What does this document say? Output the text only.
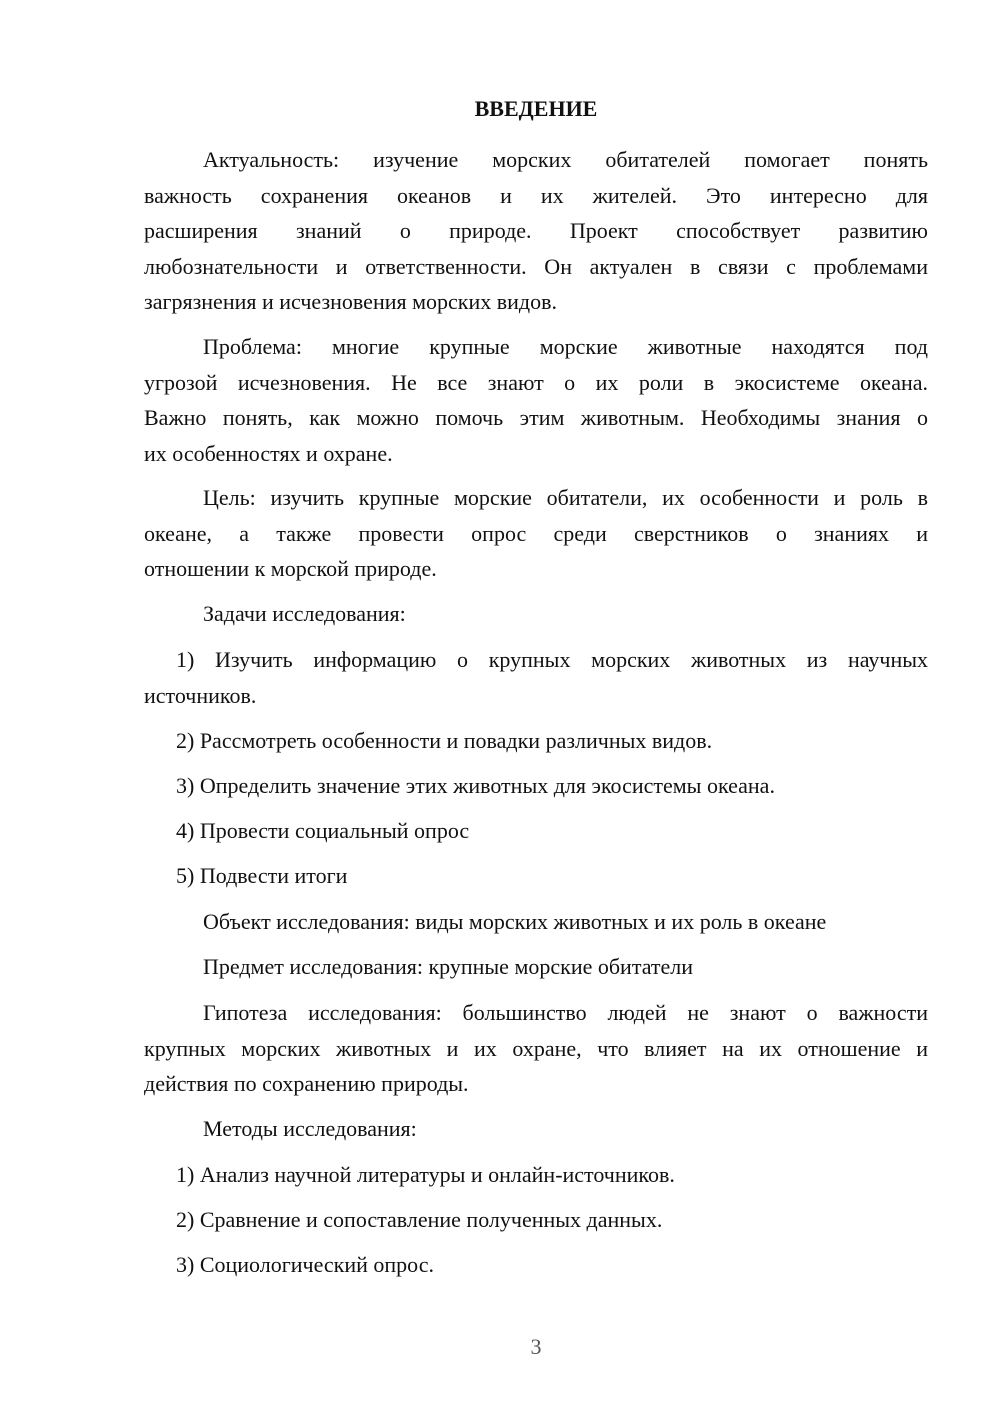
ВВЕДЕНИЕ
Актуальность: изучение морских обитателей помогает понять
важность сохранения океанов и их жителей. Это интересно для
расширения знаний о природе. Проект способствует развитию
любознательности и ответственности. Он актуален в связи с проблемами
загрязнения и исчезновения морских видов.
Проблема: многие крупные морские животные находятся под
угрозой исчезновения. Не все знают о их роли в экосистеме океана.
Важно понять, как можно помочь этим животным. Необходимы знания о
их особенностях и охране.
Цель: изучить крупные морские обитатели, их особенности и роль в
океане, а также провести опрос среди сверстников о знаниях и
отношении к морской природе.
Задачи исследования:
1) Изучить информацию о крупных морских животных из научных
источников.
2) Рассмотреть особенности и повадки различных видов.
3) Определить значение этих животных для экосистемы океана.
4) Провести социальный опрос
5) Подвести итоги
Объект исследования: виды морских животных и их роль в океане
Предмет исследования: крупные морские обитатели
Гипотеза исследования: большинство людей не знают о важности
крупных морских животных и их охране, что влияет на их отношение и
действия по сохранению природы.
Методы исследования:
1) Анализ научной литературы и онлайн-источников.
2) Сравнение и сопоставление полученных данных.
3) Социологический опрос.
3
